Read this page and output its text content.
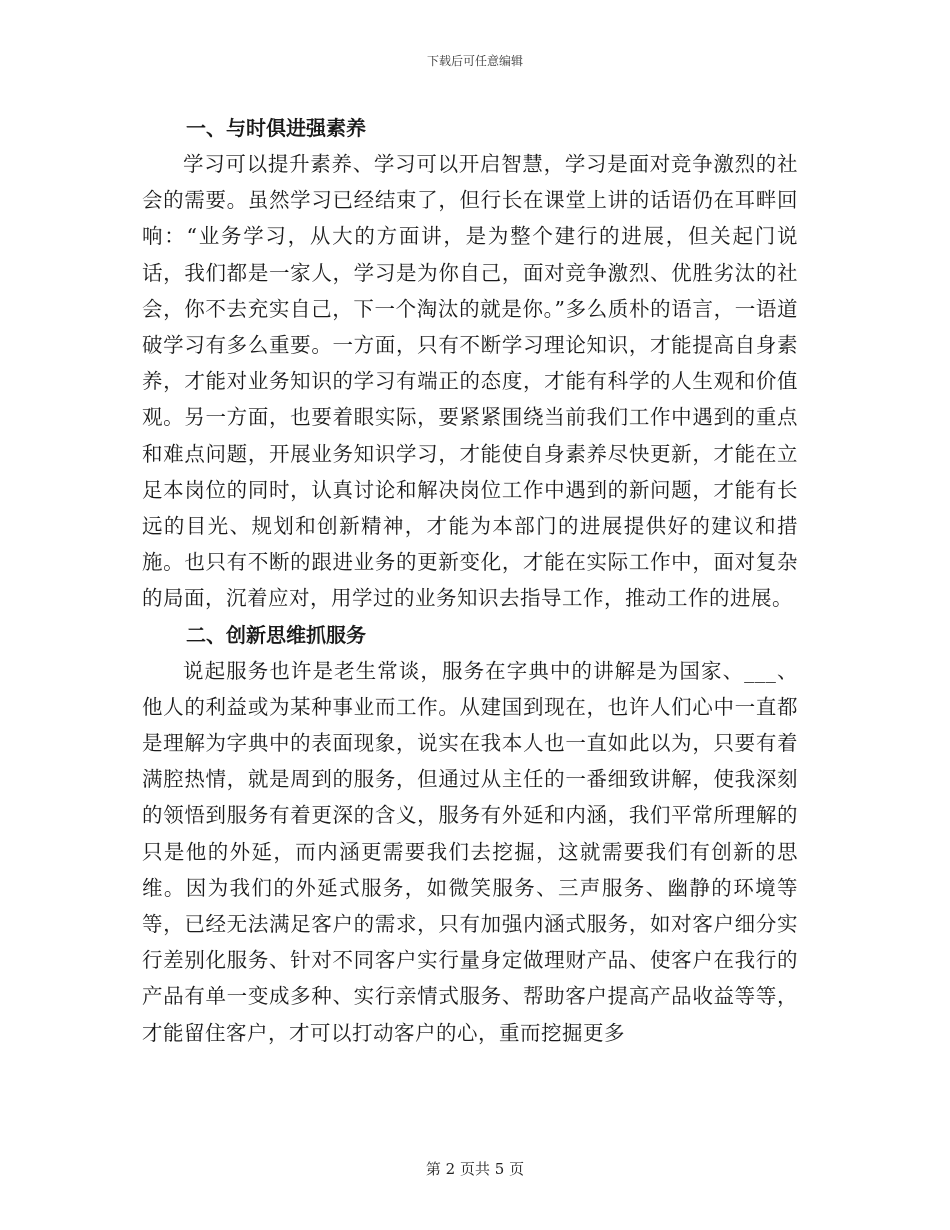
下载后可任意编辑
一、与时俱进强素养

学习可以提升素养、学习可以开启智慧，学习是面对竞争激烈的社会的需要。虽然学习已经结束了，但行长在课堂上讲的话语仍在耳畔回响：“业务学习，从大的方面讲，是为整个建行的进展，但关起门说话，我们都是一家人，学习是为你自己，面对竞争激烈、优胜劣汰的社会，你不去充实自己，下一个淘汰的就是你。”多么质朴的语言，一语道破学习有多么重要。一方面，只有不断学习理论知识，才能提高自身素养，才能对业务知识的学习有端正的态度，才能有科学的人生观和价值观。另一方面，也要着眼实际，要紧紧围绕当前我们工作中遇到的重点和难点问题，开展业务知识学习，才能使自身素养尽快更新，才能在立足本岗位的同时，认真讨论和解决岗位工作中遇到的新问题，才能有长远的目光、规划和创新精神，才能为本部门的进展提供好的建议和措施。也只有不断的跟进业务的更新变化，才能在实际工作中，面对复杂的局面，沉着应对，用学过的业务知识去指导工作，推动工作的进展。

二、创新思维抓服务

说起服务也许是老生常谈，服务在字典中的讲解是为国家、___、他人的利益或为某种事业而工作。从建国到现在，也许人们心中一直都是理解为字典中的表面现象，说实在我本人也一直如此以为，只要有着满腔热情，就是周到的服务，但通过从主任的一番细致讲解，使我深刻的领悟到服务有着更深的含义，服务有外延和内涵，我们平常所理解的只是他的外延，而内涵更需要我们去挖掘，这就需要我们有创新的思维。因为我们的外延式服务，如微笑服务、三声服务、幽静的环境等等，已经无法满足客户的需求，只有加强内涵式服务，如对客户细分实行差别化服务、针对不同客户实行量身定做理财产品、使客户在我行的产品有单一变成多种、实行亲情式服务、帮助客户提高产品收益等等，才能留住客户，才可以打动客户的心，重而挖掘更多

第 2 页共 5 页
